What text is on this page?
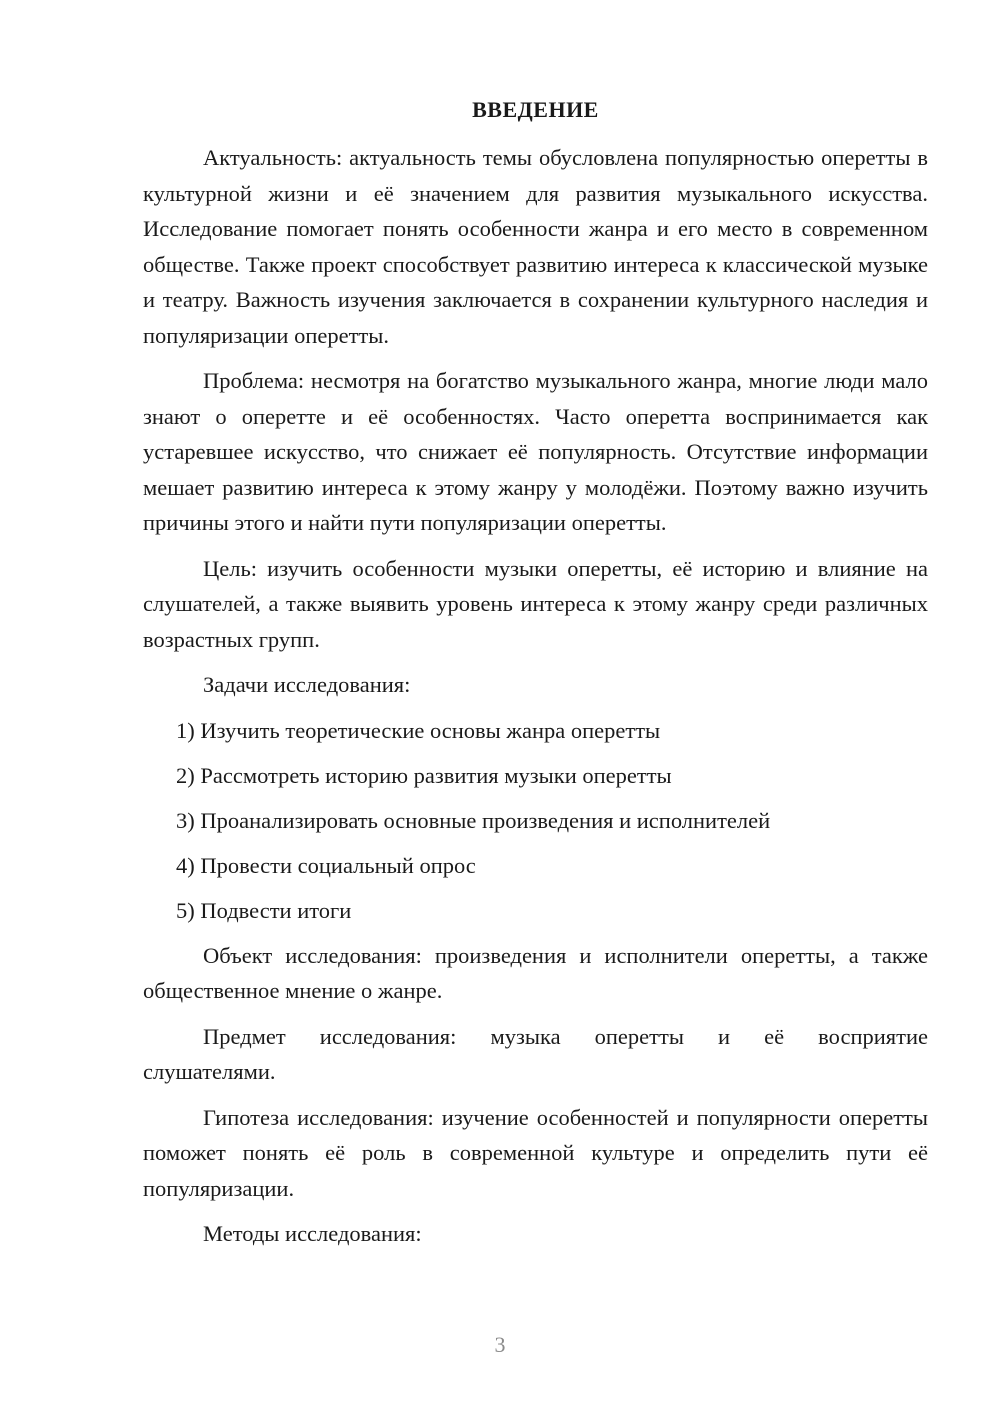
ВВЕДЕНИЕ

Актуальность: актуальность темы обусловлена популярностью оперетты в культурной жизни и её значением для развития музыкального искусства. Исследование помогает понять особенности жанра и его место в современном обществе. Также проект способствует развитию интереса к классической музыке и театру. Важность изучения заключается в сохранении культурного наследия и популяризации оперетты.

Проблема: несмотря на богатство музыкального жанра, многие люди мало знают о оперетте и её особенностях. Часто оперетта воспринимается как устаревшее искусство, что снижает её популярность. Отсутствие информации мешает развитию интереса к этому жанру у молодёжи. Поэтому важно изучить причины этого и найти пути популяризации оперетты.

Цель: изучить особенности музыки оперетты, её историю и влияние на слушателей, а также выявить уровень интереса к этому жанру среди различных возрастных групп.

Задачи исследования:

1) Изучить теоретические основы жанра оперетты
2) Рассмотреть историю развития музыки оперетты
3) Проанализировать основные произведения и исполнителей
4) Провести социальный опрос
5) Подвести итоги

Объект исследования: произведения и исполнители оперетты, а также общественное мнение о жанре.

Предмет исследования: музыка оперетты и её восприятие
слушателями.

Гипотеза исследования: изучение особенностей и популярности оперетты поможет понять её роль в современной культуре и определить пути её популяризации.

Методы исследования:

3
